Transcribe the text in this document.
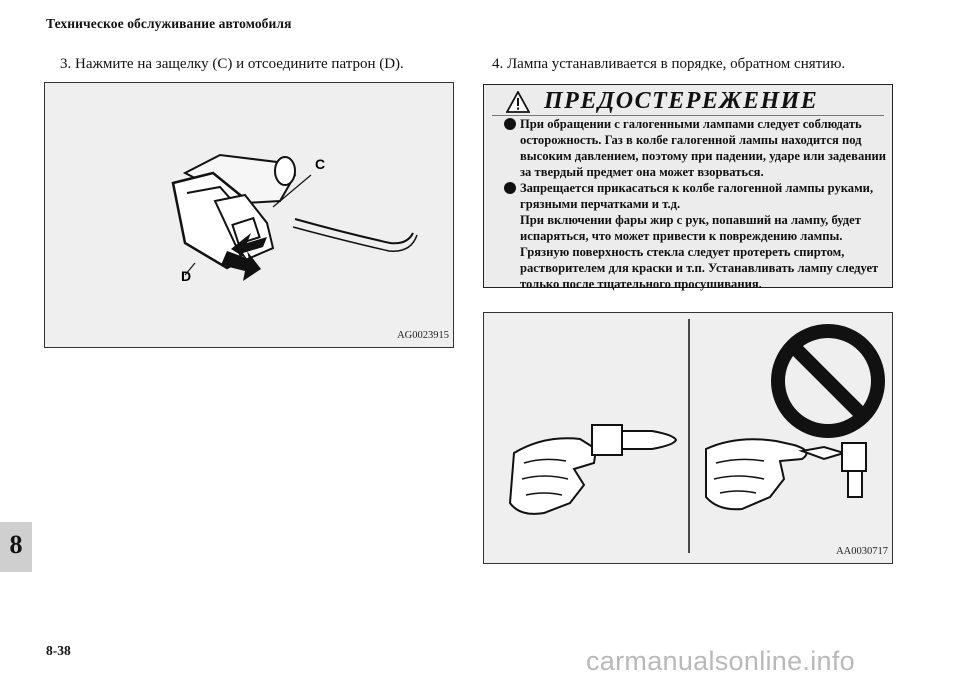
Техническое обслуживание автомобиля
3. Нажмите на защелку (C) и отсоедините патрон (D).	4. Лампа устанавливается в порядке, обратном снятию.
C
D
AG0023915
ПРЕДОСТЕРЕЖЕНИЕ
При обращении с галогенными лампами следует соблюдать
осторожность. Газ в колбе галогенной лампы находится под
высоким давлением, поэтому при падении, ударе или задевании
за твердый предмет она может взорваться.
Запрещается прикасаться к колбе галогенной лампы руками,
грязными перчатками и т.д.
При включении фары жир с рук, попавший на лампу, будет
испаряться, что может привести к повреждению лампы.
Грязную поверхность стекла следует протереть спиртом,
растворителем для краски и т.п. Устанавливать лампу следует
только после тщательного просушивания.
AA0030717
8
8-38	carmanualsonline.info
